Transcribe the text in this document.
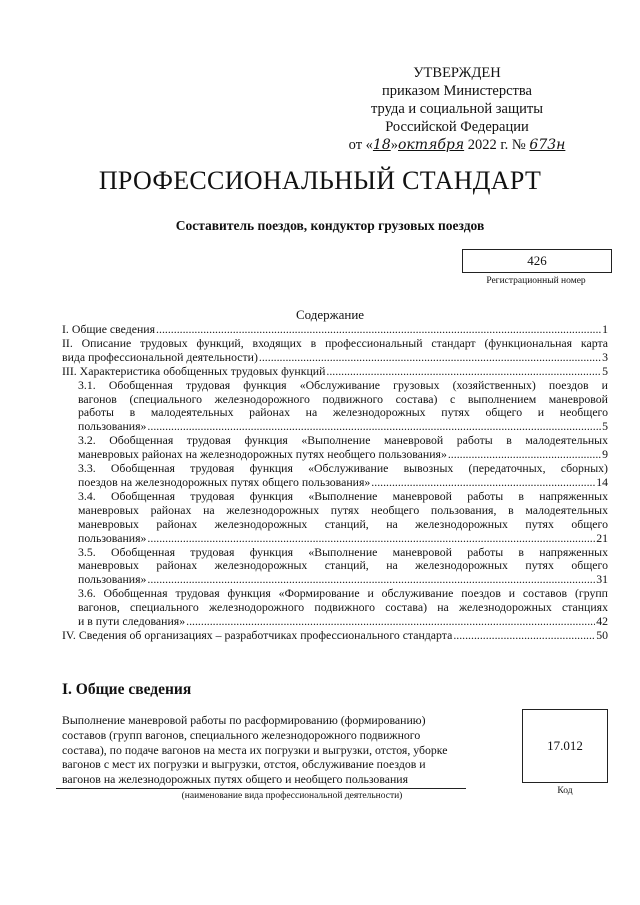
УТВЕРЖДЕН
приказом Министерства
труда и социальной защиты
Российской Федерации
от «18»октября 2022 г. № 673н
ПРОФЕССИОНАЛЬНЫЙ СТАНДАРТ
Составитель поездов, кондуктор грузовых поездов
426
Регистрационный номер
Содержание
I. Общие сведения .....	1
II. Описание трудовых функций, входящих в профессиональный стандарт (функциональная карта
вида профессиональной деятельности) .....	3
III. Характеристика обобщенных трудовых функций .....	5
3.1. Обобщенная трудовая функция «Обслуживание грузовых (хозяйственных) поездов и
вагонов (специального железнодорожного подвижного состава) с выполнением маневровой
работы в малодеятельных районах на железнодорожных путях общего и необщего
пользования» .....	5
3.2. Обобщенная трудовая функция «Выполнение маневровой работы в малодеятельных
маневровых районах на железнодорожных путях необщего пользования» .....	9
3.3. Обобщенная трудовая функция «Обслуживание вывозных (передаточных, сборных)
поездов на железнодорожных путях общего пользования» .....	14
3.4. Обобщенная трудовая функция «Выполнение маневровой работы в напряженных
маневровых районах на железнодорожных путях необщего пользования, в малодеятельных
маневровых районах железнодорожных станций, на железнодорожных путях общего
пользования» .....	21
3.5. Обобщенная трудовая функция «Выполнение маневровой работы в напряженных
маневровых районах железнодорожных станций, на железнодорожных путях общего
пользования» .....	31
3.6. Обобщенная трудовая функция «Формирование и обслуживание поездов и составов (групп
вагонов, специального железнодорожного подвижного состава) на железнодорожных станциях
и в пути следования» .....	42
IV. Сведения об организациях – разработчиках профессионального стандарта .....	50
I. Общие сведения
Выполнение маневровой работы по расформированию (формированию)
составов (групп вагонов, специального железнодорожного подвижного
состава), по подаче вагонов на места их погрузки и выгрузки, отстоя, уборке
вагонов с мест их погрузки и выгрузки, отстоя, обслуживание поездов и
вагонов на железнодорожных путях общего и необщего пользования
(наименование вида профессиональной деятельности)
17.012
Код
